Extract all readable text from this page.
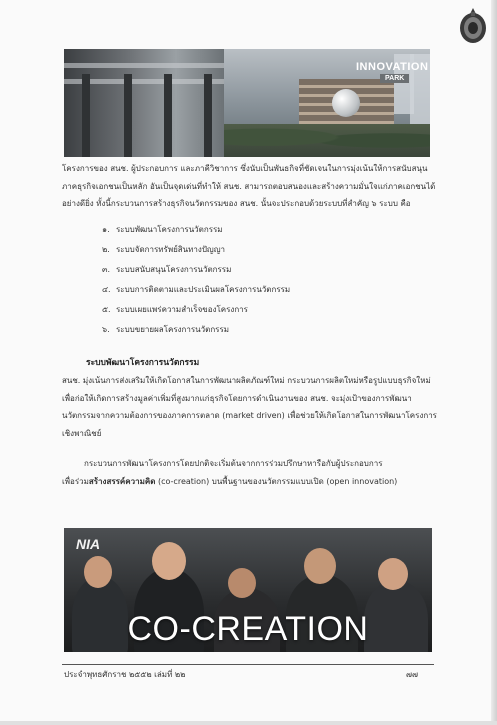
INNOVATION
PARK
โครงการของ สนช. ผู้ประกอบการ และภาคีวิชาการ ซึ่งนับเป็นพันธกิจที่ชัดเจนในการมุ่งเน้นให้การสนับสนุนภาคธุรกิจเอกชนเป็นหลัก อันเป็นจุดเด่นที่ทำให้ สนช. สามารถตอบสนองและสร้างความมั่นใจแก่ภาคเอกชนได้อย่างดียิ่ง ทั้งนี้กระบวนการสร้างธุรกิจนวัตกรรมของ สนช. นั้นจะประกอบด้วยระบบที่สำคัญ ๖ ระบบ คือ
๑. ระบบพัฒนาโครงการนวัตกรรม
๒. ระบบจัดการทรัพย์สินทางปัญญา
๓. ระบบสนับสนุนโครงการนวัตกรรม
๔. ระบบการติดตามและประเมินผลโครงการนวัตกรรม
๕. ระบบเผยแพร่ความสำเร็จของโครงการ
๖. ระบบขยายผลโครงการนวัตกรรม
ระบบพัฒนาโครงการนวัตกรรม
สนช. มุ่งเน้นการส่งเสริมให้เกิดโอกาสในการพัฒนาผลิตภัณฑ์ใหม่ กระบวนการผลิตใหม่หรือรูปแบบธุรกิจใหม่เพื่อก่อให้เกิดการสร้างมูลค่าเพิ่มที่สูงมากแก่ธุรกิจโดยการดำเนินงานของ สนช. จะมุ่งเป้าของการพัฒนานวัตกรรมจากความต้องการของภาคการตลาด (market driven) เพื่อช่วยให้เกิดโอกาสในการพัฒนาโครงการเชิงพาณิชย์
กระบวนการพัฒนาโครงการโดยปกติจะเริ่มต้นจากการร่วมปรึกษาหารือกับผู้ประกอบการ
เพื่อร่วมสร้างสรรค์ความคิด (co-creation) บนพื้นฐานของนวัตกรรมแบบเปิด (open innovation)
NIA
CO-CREATION
ประจำพุทธศักราช ๒๕๕๒ เล่มที่ ๒๒	๗๗
